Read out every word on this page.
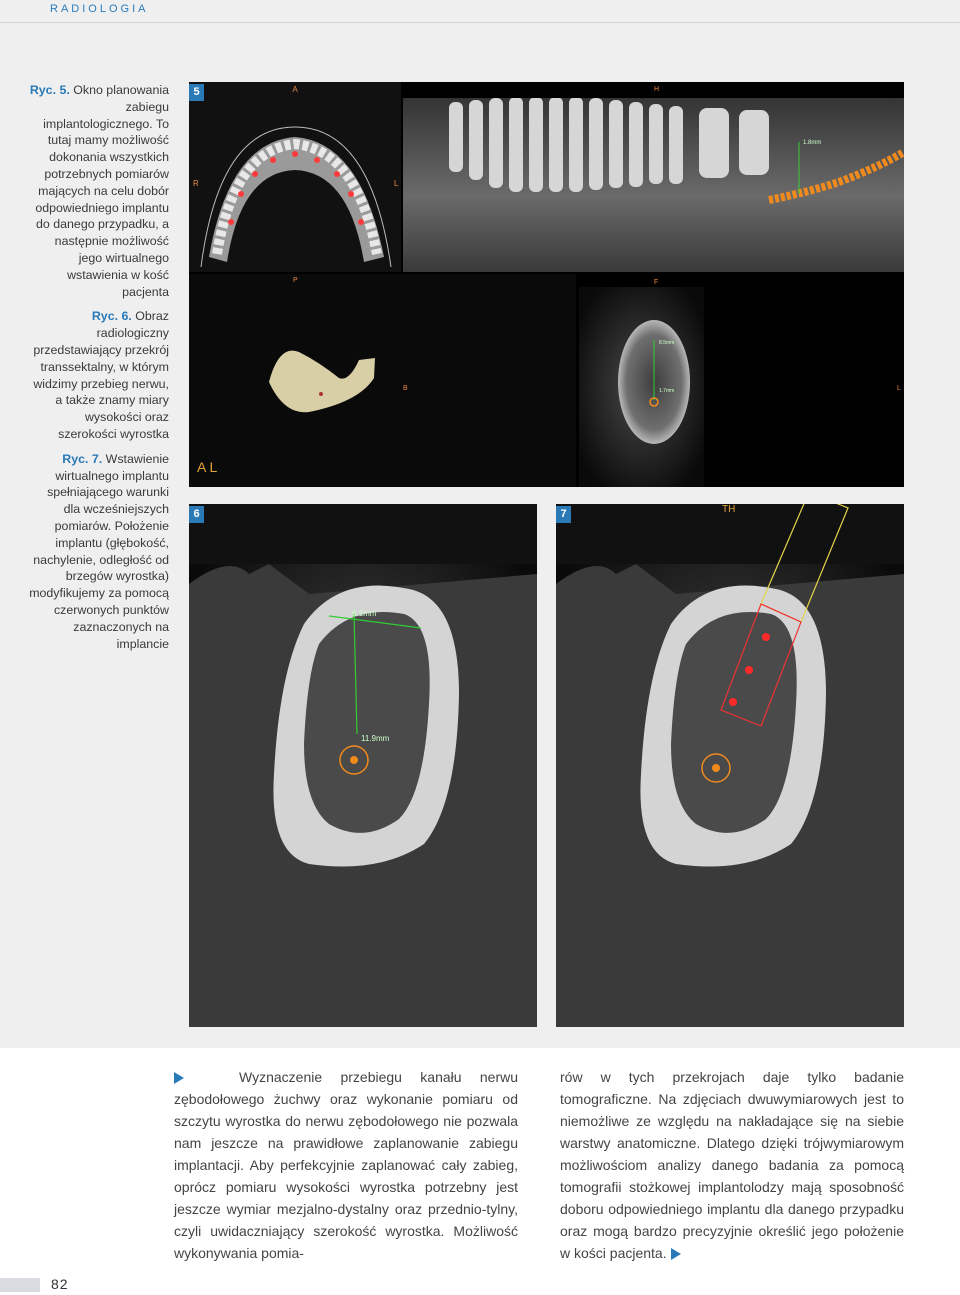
RADIOLOGIA

Ryc. 5. Okno planowania zabiegu implantologicznego. To tutaj mamy możliwość dokonania wszystkich potrzebnych pomiarów mających na celu dobór odpowiedniego implantu do danego przypadku, a następnie możliwość jego wirtualnego wstawienia w kość pacjenta

Ryc. 6. Obraz radiologiczny przedstawiający przekrój transsektalny, w którym widzimy przebieg nerwu, a także znamy miary wysokości oraz szerokości wyrostka

Ryc. 7. Wstawienie wirtualnego implantu spełniającego warunki dla wcześniejszych pomiarów. Położenie implantu (głębokość, nachylenie, odległość od brzegów wyrostka) modyfikujemy za pomocą czerwonych punktów zaznaczonych na implancie

A
R	L
1.8mm
H
P
A L
8.5mm
1.7mm
F
B	L
5
6.1mm
11.9mm
6	TH
7

Wyznaczenie przebiegu kanału nerwu zębodołowego żuchwy oraz wykonanie pomiaru od szczytu wyrostka do nerwu zębodołowego nie pozwala nam jeszcze na prawidłowe zaplanowanie zabiegu implantacji. Aby perfekcyjnie zaplanować cały zabieg, oprócz pomiaru wysokości wyrostka potrzebny jest jeszcze wymiar mezjalno-dystalny oraz przednio-tylny, czyli uwidaczniający szerokość wyrostka. Możliwość wykonywania pomia-

rów w tych przekrojach daje tylko badanie tomograficzne. Na zdjęciach dwuwymiarowych jest to niemożliwe ze względu na nakładające się na siebie warstwy anatomiczne. Dlatego dzięki trójwymiarowym możliwościom analizy danego badania za pomocą tomografii stożkowej implantolodzy mają sposobność doboru odpowiedniego implantu dla danego przypadku oraz mogą bardzo precyzyjnie określić jego położenie w kości pacjenta.

82
